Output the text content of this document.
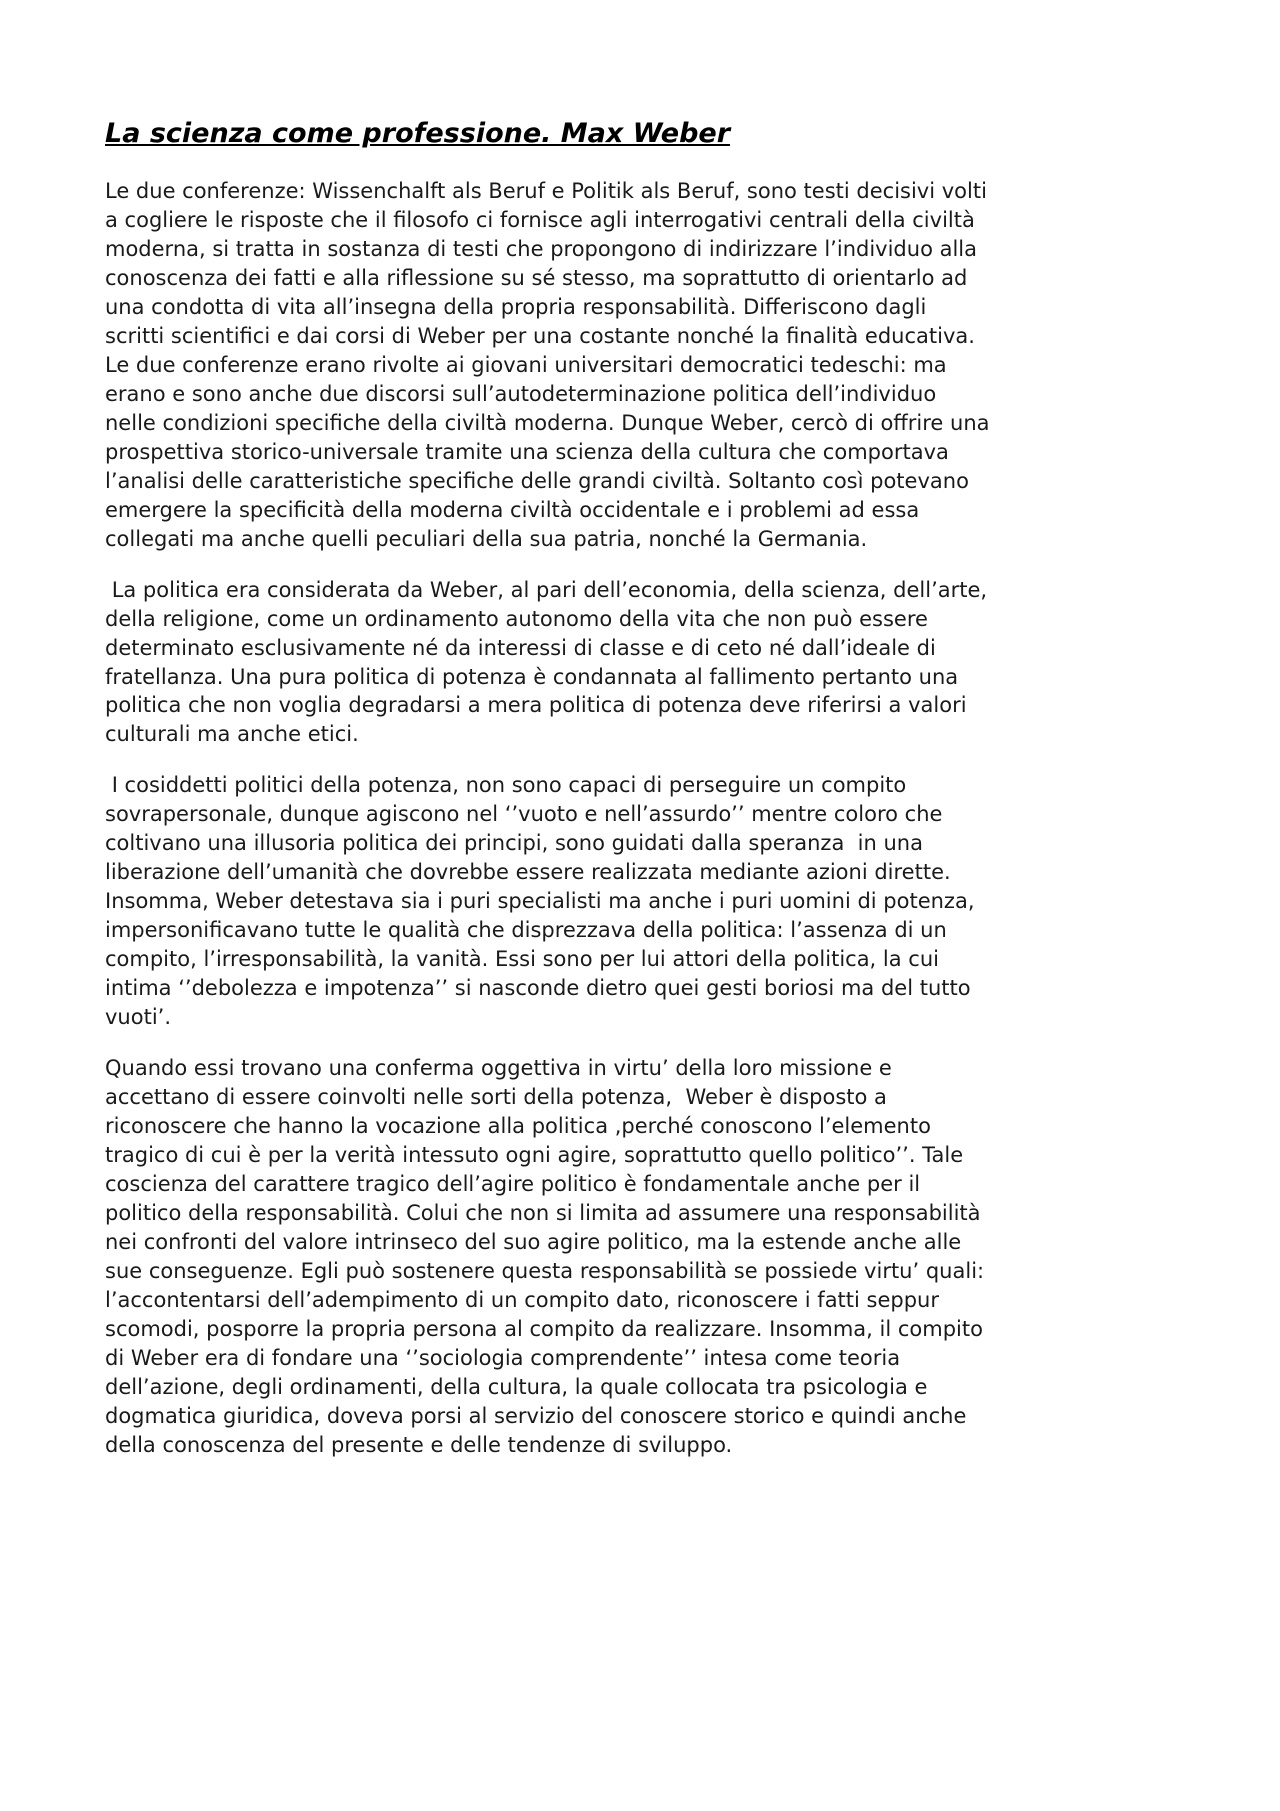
La scienza come professione. Max Weber

Le due conferenze: Wissenchalft als Beruf e Politik als Beruf, sono testi decisivi volti a cogliere le risposte che il filosofo ci fornisce agli interrogativi centrali della civiltà moderna, si tratta in sostanza di testi che propongono di indirizzare l’individuo alla conoscenza dei fatti e alla riflessione su sé stesso, ma soprattutto di orientarlo ad una condotta di vita all’insegna della propria responsabilità. Differiscono dagli scritti scientifici e dai corsi di Weber per una costante nonché la finalità educativa. Le due conferenze erano rivolte ai giovani universitari democratici tedeschi: ma erano e sono anche due discorsi sull’autodeterminazione politica dell’individuo nelle condizioni specifiche della civiltà moderna. Dunque Weber, cercò di offrire una prospettiva storico-universale tramite una scienza della cultura che comportava l’analisi delle caratteristiche specifiche delle grandi civiltà. Soltanto così potevano emergere la specificità della moderna civiltà occidentale e i problemi ad essa collegati ma anche quelli peculiari della sua patria, nonché la Germania.

La politica era considerata da Weber, al pari dell’economia, della scienza, dell’arte, della religione, come un ordinamento autonomo della vita che non può essere determinato esclusivamente né da interessi di classe e di ceto né dall’ideale di fratellanza. Una pura politica di potenza è condannata al fallimento pertanto una politica che non voglia degradarsi a mera politica di potenza deve riferirsi a valori culturali ma anche etici.

I cosiddetti politici della potenza, non sono capaci di perseguire un compito sovrapersonale, dunque agiscono nel ‘’vuoto e nell’assurdo’’ mentre coloro che coltivano una illusoria politica dei principi, sono guidati dalla speranza  in una liberazione dell’umanità che dovrebbe essere realizzata mediante azioni dirette. Insomma, Weber detestava sia i puri specialisti ma anche i puri uomini di potenza, impersonificavano tutte le qualità che disprezzava della politica: l’assenza di un compito, l’irresponsabilità, la vanità. Essi sono per lui attori della politica, la cui intima ‘’debolezza e impotenza’’ si nasconde dietro quei gesti boriosi ma del tutto vuoti’.

Quando essi trovano una conferma oggettiva in virtu’ della loro missione e accettano di essere coinvolti nelle sorti della potenza,  Weber è disposto a riconoscere che hanno la vocazione alla politica ,perché conoscono l’elemento tragico di cui è per la verità intessuto ogni agire, soprattutto quello politico’’. Tale coscienza del carattere tragico dell’agire politico è fondamentale anche per il politico della responsabilità. Colui che non si limita ad assumere una responsabilità nei confronti del valore intrinseco del suo agire politico, ma la estende anche alle sue conseguenze. Egli può sostenere questa responsabilità se possiede virtu’ quali: l’accontentarsi dell’adempimento di un compito dato, riconoscere i fatti seppur scomodi, posporre la propria persona al compito da realizzare. Insomma, il compito di Weber era di fondare una ‘’sociologia comprendente’’ intesa come teoria dell’azione, degli ordinamenti, della cultura, la quale collocata tra psicologia e dogmatica giuridica, doveva porsi al servizio del conoscere storico e quindi anche della conoscenza del presente e delle tendenze di sviluppo.
